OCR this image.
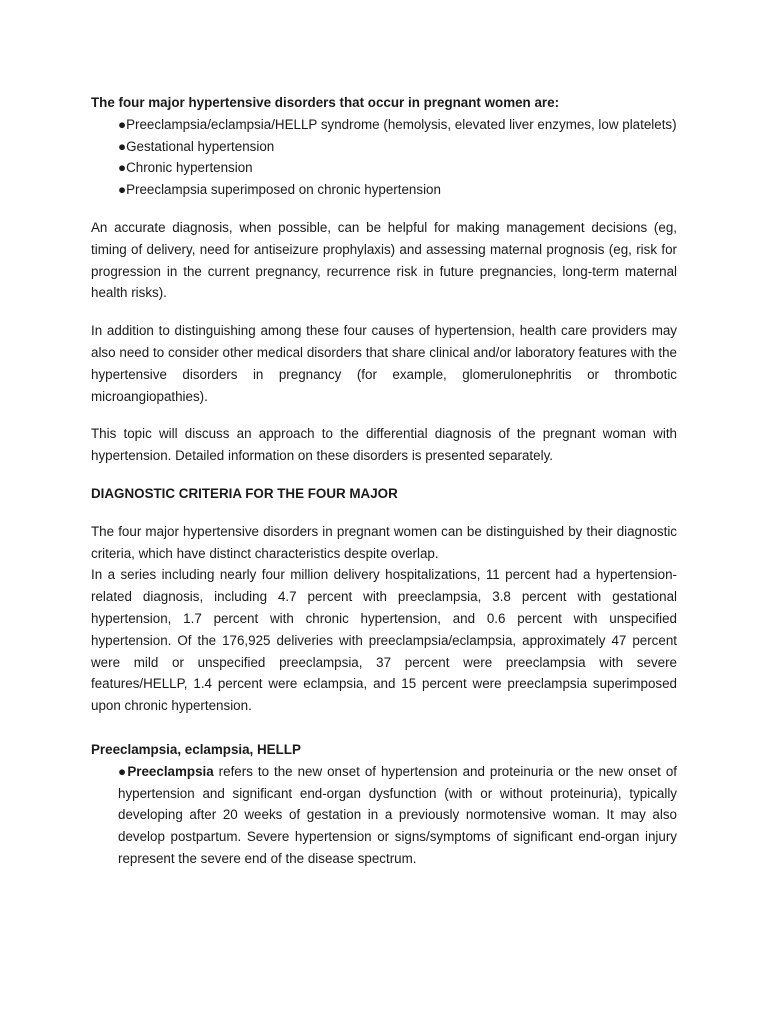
The four major hypertensive disorders that occur in pregnant women are:

●Preeclampsia/eclampsia/HELLP syndrome (hemolysis, elevated liver enzymes, low platelets)
●Gestational hypertension
●Chronic hypertension
●Preeclampsia superimposed on chronic hypertension

An accurate diagnosis, when possible, can be helpful for making management decisions (eg, timing of delivery, need for antiseizure prophylaxis) and assessing maternal prognosis (eg, risk for progression in the current pregnancy, recurrence risk in future pregnancies, long-term maternal health risks).

In addition to distinguishing among these four causes of hypertension, health care providers may also need to consider other medical disorders that share clinical and/or laboratory features with the hypertensive disorders in pregnancy (for example, glomerulonephritis or thrombotic microangiopathies).

This topic will discuss an approach to the differential diagnosis of the pregnant woman with hypertension. Detailed information on these disorders is presented separately.

DIAGNOSTIC CRITERIA FOR THE FOUR MAJOR

The four major hypertensive disorders in pregnant women can be distinguished by their diagnostic criteria, which have distinct characteristics despite overlap.

In a series including nearly four million delivery hospitalizations, 11 percent had a hypertension-related diagnosis, including 4.7 percent with preeclampsia, 3.8 percent with gestational hypertension, 1.7 percent with chronic hypertension, and 0.6 percent with unspecified hypertension. Of the 176,925 deliveries with preeclampsia/eclampsia, approximately 47 percent were mild or unspecified preeclampsia, 37 percent were preeclampsia with severe features/HELLP, 1.4 percent were eclampsia, and 15 percent were preeclampsia superimposed upon chronic hypertension.

Preeclampsia, eclampsia, HELLP

●Preeclampsia refers to the new onset of hypertension and proteinuria or the new onset of hypertension and significant end-organ dysfunction (with or without proteinuria), typically developing after 20 weeks of gestation in a previously normotensive woman. It may also develop postpartum. Severe hypertension or signs/symptoms of significant end-organ injury represent the severe end of the disease spectrum.
